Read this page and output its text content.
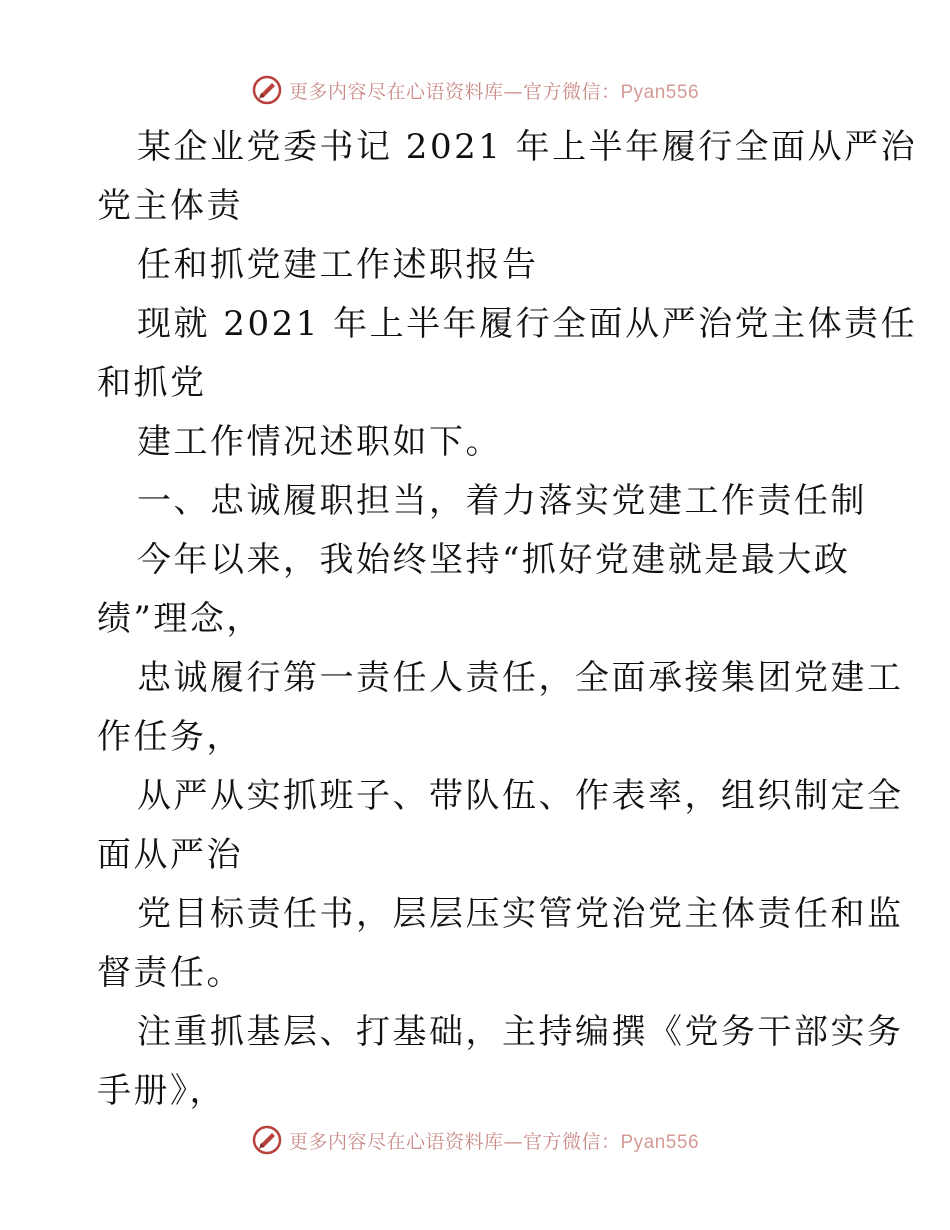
更多内容尽在心语资料库—官方微信：Pyan556
某企业党委书记 2021 年上半年履行全面从严治
党主体责
任和抓党建工作述职报告
现就 2021 年上半年履行全面从严治党主体责任
和抓党
建工作情况述职如下。
一、忠诚履职担当，着力落实党建工作责任制
今年以来，我始终坚持“抓好党建就是最大政
绩”理念，
忠诚履行第一责任人责任，全面承接集团党建工
作任务，
从严从实抓班子、带队伍、作表率，组织制定全
面从严治
党目标责任书，层层压实管党治党主体责任和监
督责任。
注重抓基层、打基础，主持编撰《党务干部实务
手册》，
更多内容尽在心语资料库—官方微信：Pyan556
